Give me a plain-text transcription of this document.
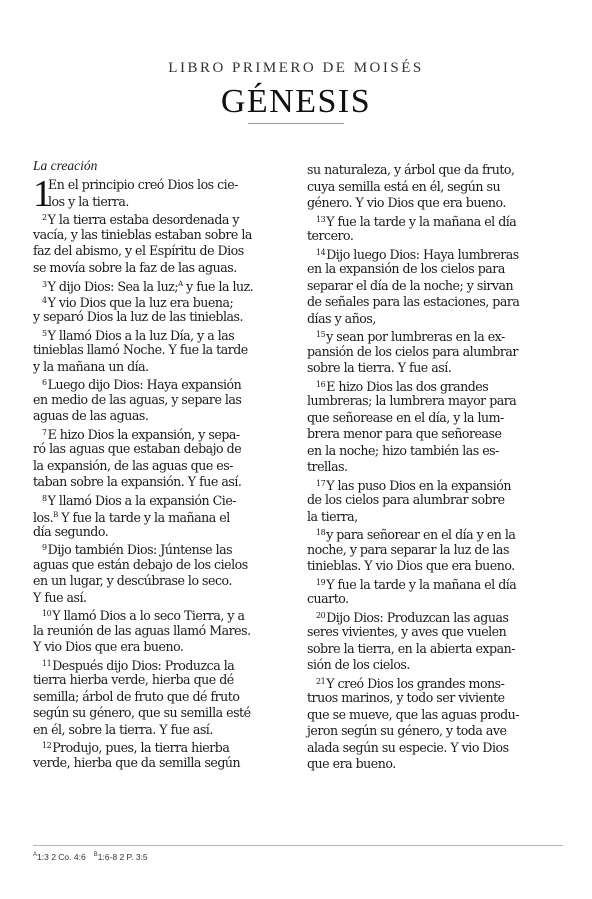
LIBRO PRIMERO DE MOISÉS
GÉNESIS
La creación
1
En el principio creó Dios los cie-
los y la tierra.
$^2$Y la tierra estaba desordenada y
vacía, y las tinieblas estaban sobre la
faz del abismo, y el Espíritu de Dios
se movía sobre la faz de las aguas.
$^3$Y dijo Dios: Sea la luz;$^A$ y fue la luz.
$^4$Y vio Dios que la luz era buena;
y separó Dios la luz de las tinieblas.
$^5$Y llamó Dios a la luz Día, y a las
tinieblas llamó Noche. Y fue la tarde
y la mañana un día.
$^6$Luego dijo Dios: Haya expansión
en medio de las aguas, y separe las
aguas de las aguas.
$^7$E hizo Dios la expansión, y sepa-
ró las aguas que estaban debajo de
la expansión, de las aguas que es-
taban sobre la expansión. Y fue así.
$^8$Y llamó Dios a la expansión Cie-
los.$^B$ Y fue la tarde y la mañana el
día segundo.
$^9$Dijo también Dios: Júntense las
aguas que están debajo de los cielos
en un lugar, y descúbrase lo seco.
Y fue así.
$^{10}$Y llamó Dios a lo seco Tierra, y a
la reunión de las aguas llamó Mares.
Y vio Dios que era bueno.
$^{11}$Después dijo Dios: Produzca la
tierra hierba verde, hierba que dé
semilla; árbol de fruto que dé fruto
según su género, que su semilla esté
en él, sobre la tierra. Y fue así.
$^{12}$Produjo, pues, la tierra hierba
verde, hierba que da semilla según
su naturaleza, y árbol que da fruto,
cuya semilla está en él, según su
género. Y vio Dios que era bueno.
$^{13}$Y fue la tarde y la mañana el día
tercero.
$^{14}$Dijo luego Dios: Haya lumbreras
en la expansión de los cielos para
separar el día de la noche; y sirvan
de señales para las estaciones, para
días y años,
$^{15}$y sean por lumbreras en la ex-
pansión de los cielos para alumbrar
sobre la tierra. Y fue así.
$^{16}$E hizo Dios las dos grandes
lumbreras; la lumbrera mayor para
que señorease en el día, y la lum-
brera menor para que señorease
en la noche; hizo también las es-
trellas.
$^{17}$Y las puso Dios en la expansión
de los cielos para alumbrar sobre
la tierra,
$^{18}$y para señorear en el día y en la
noche, y para separar la luz de las
tinieblas. Y vio Dios que era bueno.
$^{19}$Y fue la tarde y la mañana el día
cuarto.
$^{20}$Dijo Dios: Produzcan las aguas
seres vivientes, y aves que vuelen
sobre la tierra, en la abierta expan-
sión de los cielos.
$^{21}$Y creó Dios los grandes mons-
truos marinos, y todo ser viviente
que se mueve, que las aguas produ-
jeron según su género, y toda ave
alada según su especie. Y vio Dios
que era bueno.
$^A$1:3 2 Co. 4:6 $^B$1:6-8 2 P. 3:5
